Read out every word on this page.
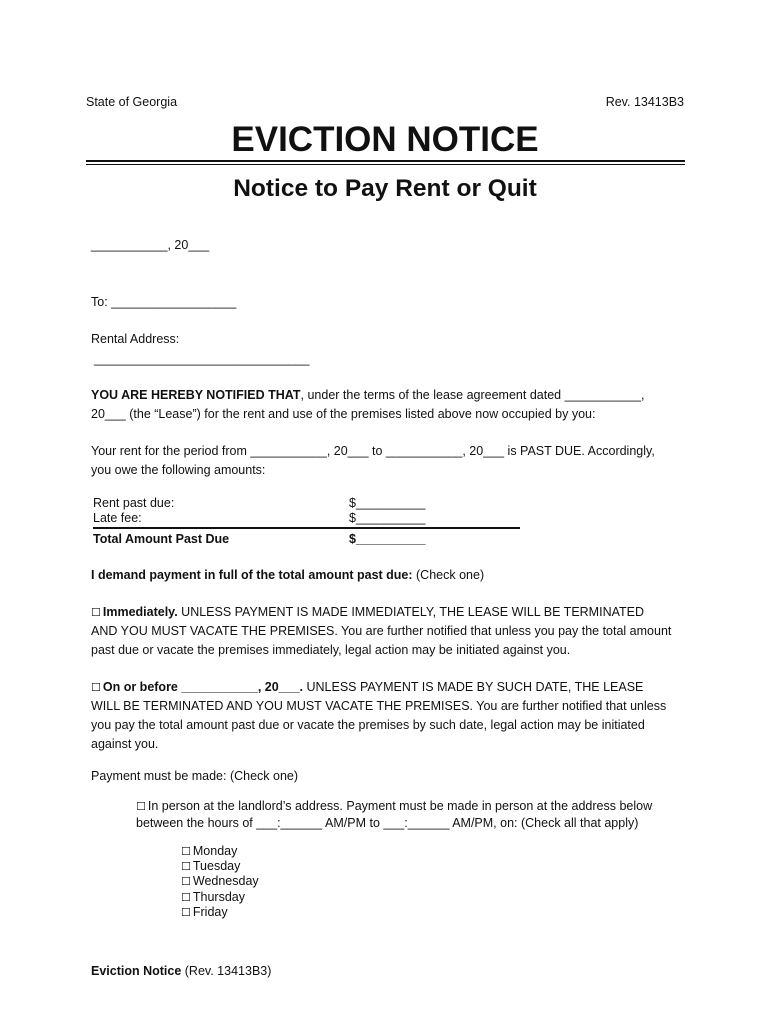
State of Georgia	Rev. 13413B3
EVICTION NOTICE
Notice to Pay Rent or Quit
___________, 20___
To: __________________
Rental Address:
_______________________________
YOU ARE HEREBY NOTIFIED THAT, under the terms of the lease agreement dated ___________,
20___ (the “Lease”) for the rent and use of the premises listed above now occupied by you:
Your rent for the period from ___________, 20___ to ___________, 20___ is PAST DUE. Accordingly,
you owe the following amounts:
Rent past due:	$__________
Late fee:	$__________
Total Amount Past Due	$__________
I demand payment in full of the total amount past due: (Check one)
☐ Immediately. UNLESS PAYMENT IS MADE IMMEDIATELY, THE LEASE WILL BE TERMINATED
AND YOU MUST VACATE THE PREMISES. You are further notified that unless you pay the total amount
past due or vacate the premises immediately, legal action may be initiated against you.
☐ On or before ___________, 20___. UNLESS PAYMENT IS MADE BY SUCH DATE, THE LEASE
WILL BE TERMINATED AND YOU MUST VACATE THE PREMISES. You are further notified that unless
you pay the total amount past due or vacate the premises by such date, legal action may be initiated
against you.
Payment must be made: (Check one)
☐ In person at the landlord’s address. Payment must be made in person at the address below
between the hours of ___:______ AM/PM to ___:______ AM/PM, on: (Check all that apply)
☐ Monday
☐ Tuesday
☐ Wednesday
☐ Thursday
☐ Friday
Eviction Notice (Rev. 13413B3)
